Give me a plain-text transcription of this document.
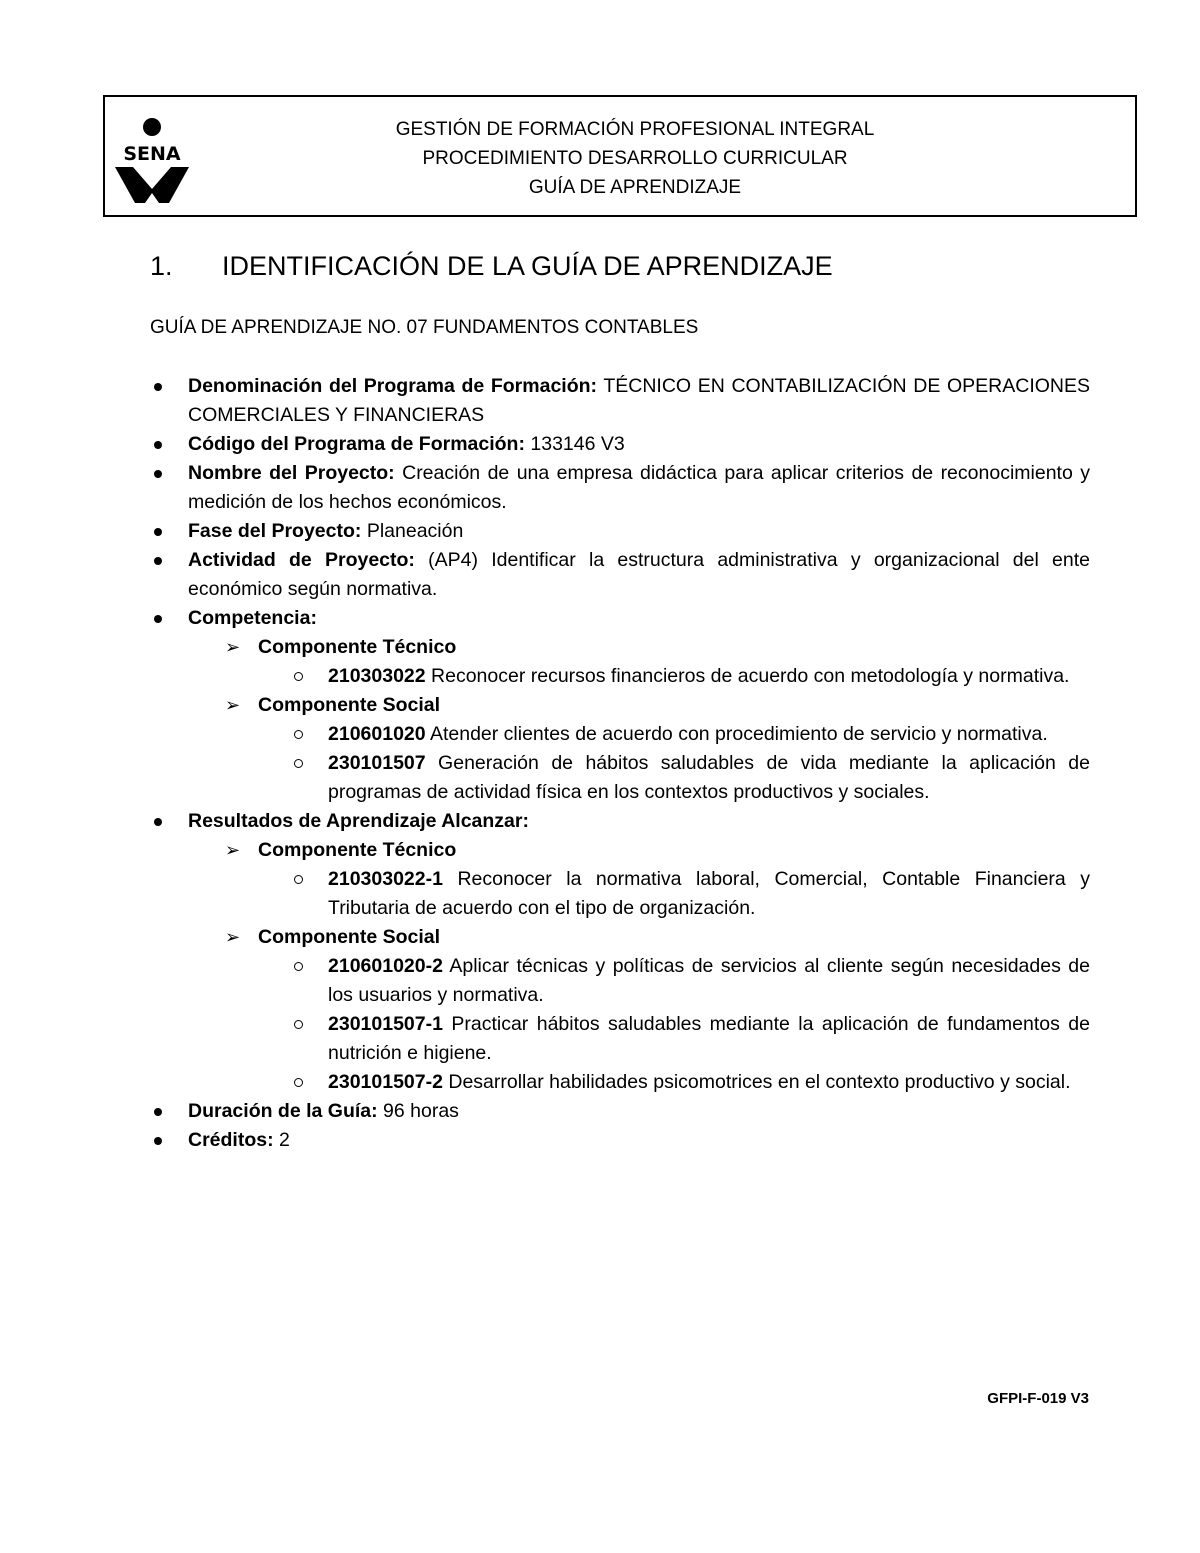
SENA
GESTIÓN DE FORMACIÓN PROFESIONAL INTEGRAL
PROCEDIMIENTO DESARROLLO CURRICULAR
GUÍA DE APRENDIZAJE
1. IDENTIFICACIÓN DE LA GUÍA DE APRENDIZAJE
GUÍA DE APRENDIZAJE NO. 07 FUNDAMENTOS CONTABLES
Denominación del Programa de Formación: TÉCNICO EN CONTABILIZACIÓN DE OPERACIONES COMERCIALES Y FINANCIERAS
Código del Programa de Formación: 133146 V3
Nombre del Proyecto: Creación de una empresa didáctica para aplicar criterios de reconocimiento y medición de los hechos económicos.
Fase del Proyecto: Planeación
Actividad de Proyecto: (AP4) Identificar la estructura administrativa y organizacional del ente económico según normativa.
Competencia:
➢ Componente Técnico
210303022 Reconocer recursos financieros de acuerdo con metodología y normativa.
➢ Componente Social
210601020 Atender clientes de acuerdo con procedimiento de servicio y normativa.
230101507 Generación de hábitos saludables de vida mediante la aplicación de programas de actividad física en los contextos productivos y sociales.
Resultados de Aprendizaje Alcanzar:
➢ Componente Técnico
210303022-1 Reconocer la normativa laboral, Comercial, Contable Financiera y Tributaria de acuerdo con el tipo de organización.
➢ Componente Social
210601020-2 Aplicar técnicas y políticas de servicios al cliente según necesidades de los usuarios y normativa.
230101507-1 Practicar hábitos saludables mediante la aplicación de fundamentos de nutrición e higiene.
230101507-2 Desarrollar habilidades psicomotrices en el contexto productivo y social.
Duración de la Guía: 96 horas
Créditos: 2
GFPI-F-019 V3
